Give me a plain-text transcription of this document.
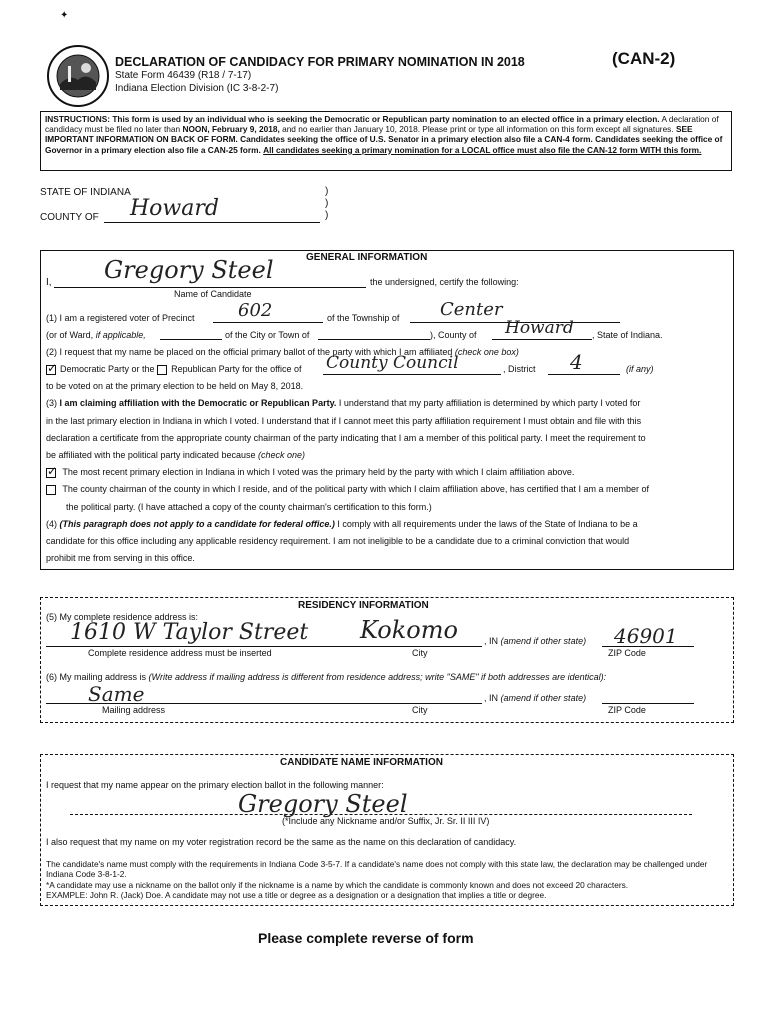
✦
DECLARATION OF CANDIDACY FOR PRIMARY NOMINATION IN 2018	(CAN-2)
State Form 46439 (R18 / 7-17)
Indiana Election Division (IC 3-8-2-7)
INSTRUCTIONS: This form is used by an individual who is seeking the Democratic or Republican party nomination to an elected office in a primary election. A declaration of candidacy must be filed no later than NOON, February 9, 2018, and no earlier than January 10, 2018. Please print or type all information on this form except all signatures. SEE IMPORTANT INFORMATION ON BACK OF FORM. Candidates seeking the office of U.S. Senator in a primary election also file a CAN-4 form. Candidates seeking the office of Governor in a primary election also file a CAN-25 form. All candidates seeking a primary nomination for a LOCAL office must also file the CAN-12 form WITH this form.
STATE OF INDIANA
COUNTY OF Howard
)
)
)
GENERAL INFORMATION
I, Gregory Steel	the undersigned, certify the following:
Name of Candidate
(1) I am a registered voter of Precinct 602	of the Township of Center
(or of Ward, if applicable,	of the City or Town of	), County of Howard , State of Indiana.
(2) I request that my name be placed on the official primary ballot of the party with which I am affiliated (check one box)
✓Democratic Party or the Republican Party for the office of County Council	, District 4	(if any)
to be voted on at the primary election to be held on May 8, 2018.
(3) I am claiming affiliation with the Democratic or Republican Party. I understand that my party affiliation is determined by which party I voted for
in the last primary election in Indiana in which I voted. I understand that if I cannot meet this party affiliation requirement I must obtain and file with this
declaration a certificate from the appropriate county chairman of the party indicating that I am a member of this political party. I meet the requirement to
be affiliated with the political party indicated because (check one)
✓ The most recent primary election in Indiana in which I voted was the primary held by the party with which I claim affiliation above.
The county chairman of the county in which I reside, and of the political party with which I claim affiliation above, has certified that I am a member of
the political party. (I have attached a copy of the county chairman's certification to this form.)
(4) (This paragraph does not apply to a candidate for federal office.) I comply with all requirements under the laws of the State of Indiana to be a
candidate for this office including any applicable residency requirement. I am not ineligible to be a candidate due to a criminal conviction that would
prohibit me from serving in this office.
RESIDENCY INFORMATION
(5) My complete residence address is:
1610 W Taylor Street Kokomo	, IN (amend if other state) 46901
Complete residence address must be inserted	City	ZIP Code
(6) My mailing address is (Write address if mailing address is different from residence address; write "SAME" if both addresses are identical):
Same	, IN (amend if other state)
Mailing address	City	ZIP Code
CANDIDATE NAME INFORMATION
I request that my name appear on the primary election ballot in the following manner:
Gregory Steel
(*Include any Nickname and/or Suffix, Jr. Sr. II III IV)
I also request that my name on my voter registration record be the same as the name on this declaration of candidacy.
The candidate's name must comply with the requirements in Indiana Code 3-5-7. If a candidate's name does not comply with this state law, the declaration may be challenged under Indiana Code 3-8-1-2.
*A candidate may use a nickname on the ballot only if the nickname is a name by which the candidate is commonly known and does not exceed 20 characters.
EXAMPLE: John R. (Jack) Doe. A candidate may not use a title or degree as a designation or a designation that implies a title or degree.
Please complete reverse of form
